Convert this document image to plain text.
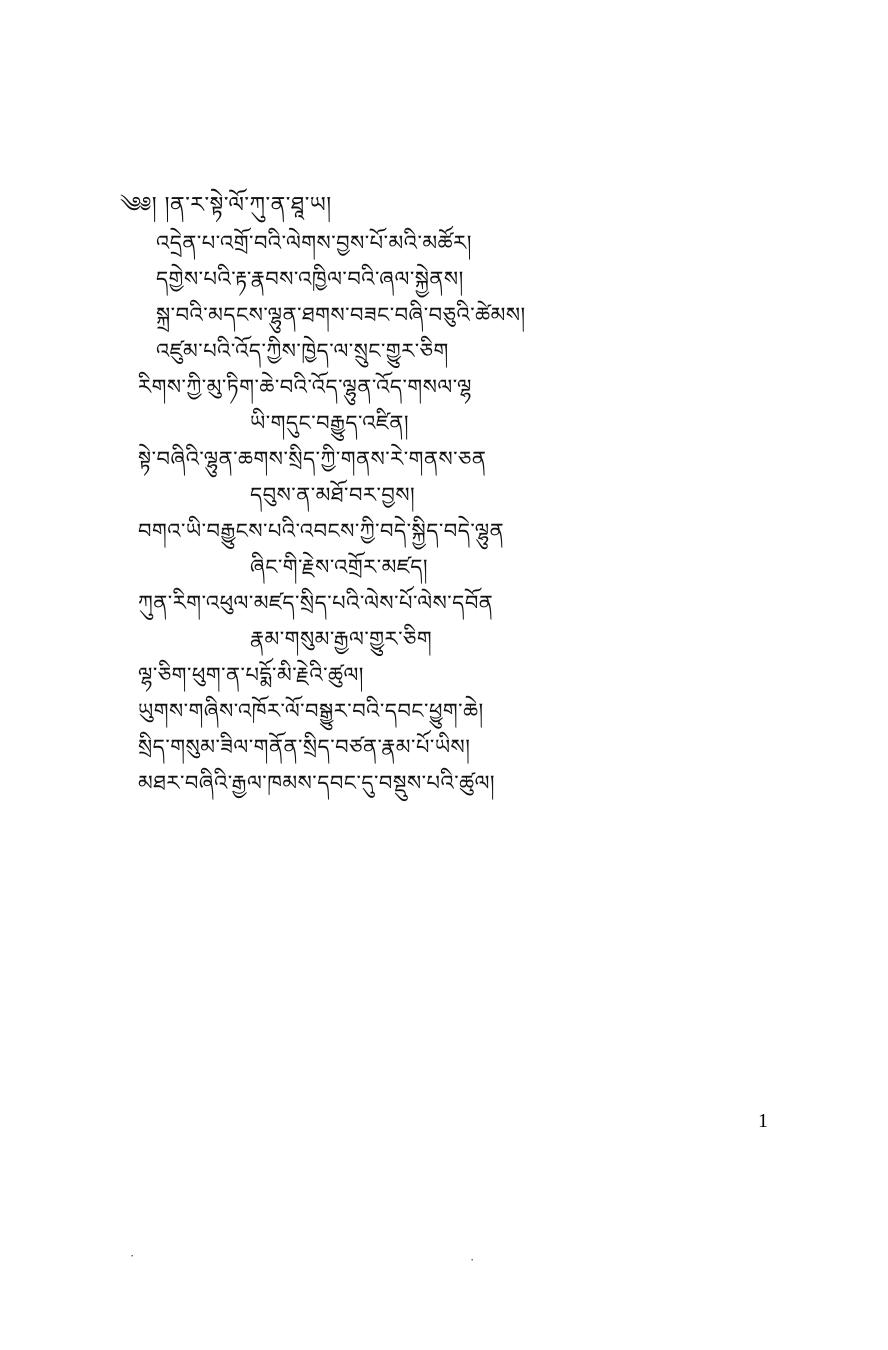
༄༅། །ན་ར་སྟེ་ལོ་ཀུ་ན་ཐཱ་ཡ།
འདྲེན་པ་འགྲོ་བའི་ལེགས་བྱས་པོ་མའི་མཚོར།
དགྱེས་པའི་རྟ་རྣབས་འཁྱིལ་བའི་ཞལ་སྐྱེནས།
སྐྲ་བའི་མདངས་ལྷུན་ཐགས་བཟང་བཞི་བཅུའི་ཚེམས།
འཛུམ་པའི་འོད་ཀྱིས་ཁྱེད་ལ་སྲུང་གྱུར་ཅིག
རིགས་ཀྱི་མུ་ཏིག་ཆེ་བའི་འོད་ལྷུན་འོད་གསལ་ལྷ
ཡི་གདུང་བརྒྱུད་འཛིན།
སྟེ་བཞིའི་ལྷུན་ཆགས་སྲིད་ཀྱི་གནས་རེ་གནས་ཅན
དབུས་ན་མཐོ་བར་བྱས།
བགའ་ཡི་བརྒྱུངས་པའི་འབངས་ཀྱི་བདེ་སྐྱིད་བདེ་ལྷུན
ཞིང་གི་རྗེས་འགྲོར་མཛད།
ཀུན་རིག་འཕུལ་མཛད་སྲིད་པའི་ལེས་པོ་ལེས་དབོན
རྣམ་གསུམ་རྒྱལ་གྱུར་ཅིག
ལྷ་ཅིག་ཕུག་ན་པདྨོ་མི་རྗེའི་ཚུལ།
ཡུགས་གཞིས་འཁོར་ལོ་བསྒྱུར་བའི་དབང་ཕྱུག་ཆེ།
སྲིད་གསུམ་ཟིལ་གནོན་སྲིད་བཙན་རྣམ་པོ་ཡིས།
མཐར་བཞིའི་རྒྱལ་ཁམས་དབང་དུ་བསྡུས་པའི་ཚུལ།
1
·	·
